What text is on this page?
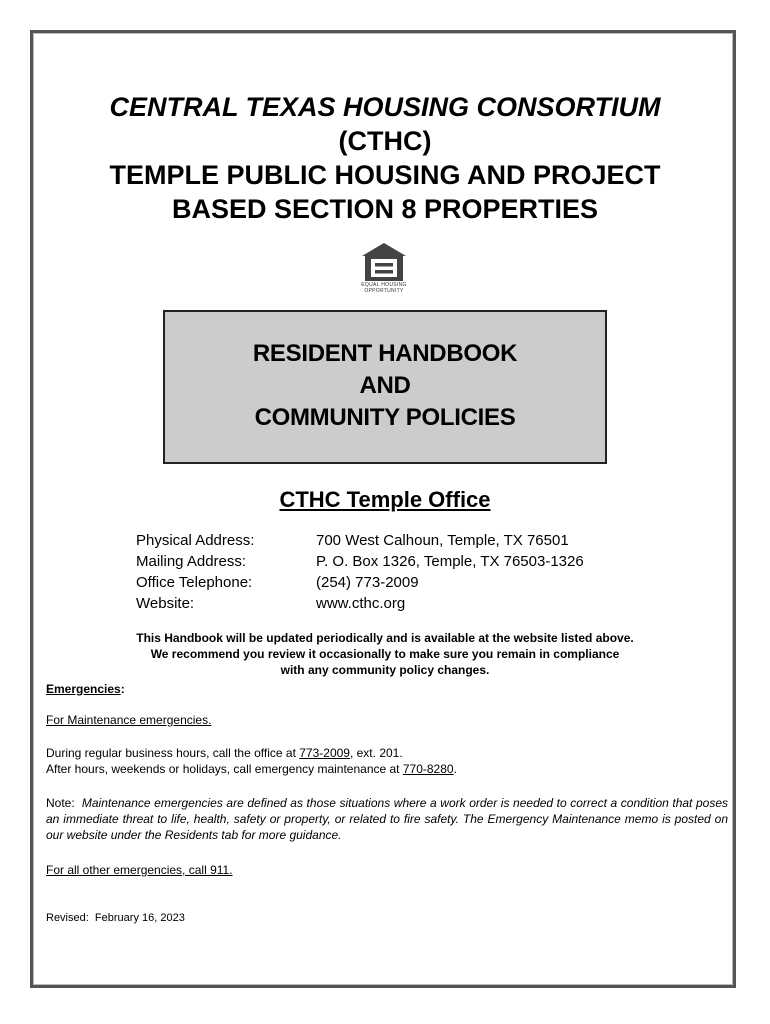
CENTRAL TEXAS HOUSING CONSORTIUM

(CTHC)

TEMPLE PUBLIC HOUSING AND PROJECT

BASED SECTION 8 PROPERTIES

EQUAL HOUSING
OPPORTUNITY
RESIDENT HANDBOOK
AND
COMMUNITY POLICIES
CTHC Temple Office
Physical Address:	700 West Calhoun, Temple, TX 76501
Mailing Address:	P. O. Box 1326, Temple, TX 76503-1326
Office Telephone:	(254) 773-2009
Website:	www.cthc.org
This Handbook will be updated periodically and is available at the website listed above.
We recommend you review it occasionally to make sure you remain in compliance
with any community policy changes.
Emergencies:
For Maintenance emergencies.
During regular business hours, call the office at 773-2009, ext. 201.
After hours, weekends or holidays, call emergency maintenance at 770-8280.
Note: Maintenance emergencies are defined as those situations where a work order is needed to correct a condition that poses an immediate threat to life, health, safety or property, or related to fire safety. The Emergency Maintenance memo is posted on our website under the Residents tab for more guidance.
For all other emergencies, call 911.
Revised: February 16, 2023
